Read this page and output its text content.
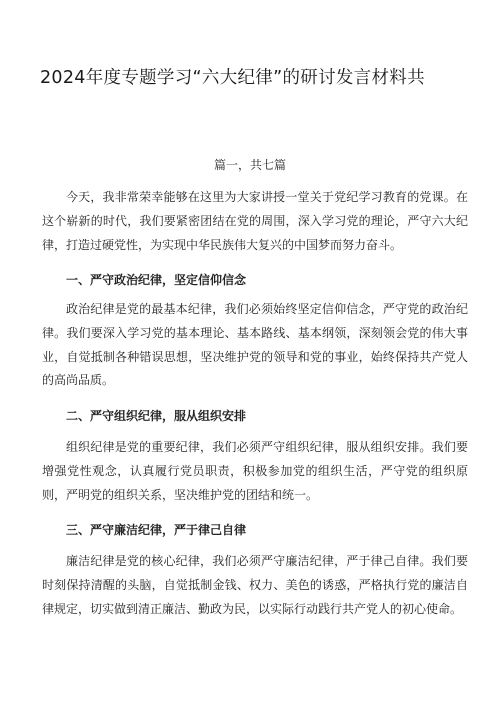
2024年度专题学习“六大纪律”的研讨发言材料共
篇一，共七篇

今天，我非常荣幸能够在这里为大家讲授一堂关于党纪学习教育的党课。在这个崭新的时代，我们要紧密团结在党的周围，深入学习党的理论，严守六大纪律，打造过硬党性，为实现中华民族伟大复兴的中国梦而努力奋斗。

一、严守政治纪律，坚定信仰信念

政治纪律是党的最基本纪律，我们必须始终坚定信仰信念，严守党的政治纪律。我们要深入学习党的基本理论、基本路线、基本纲领，深刻领会党的伟大事业，自觉抵制各种错误思想，坚决维护党的领导和党的事业，始终保持共产党人的高尚品质。

二、严守组织纪律，服从组织安排

组织纪律是党的重要纪律，我们必须严守组织纪律，服从组织安排。我们要增强党性观念，认真履行党员职责，积极参加党的组织生活，严守党的组织原则，严明党的组织关系，坚决维护党的团结和统一。

三、严守廉洁纪律，严于律己自律

廉洁纪律是党的核心纪律，我们必须严守廉洁纪律，严于律己自律。我们要时刻保持清醒的头脑，自觉抵制金钱、权力、美色的诱惑，严格执行党的廉洁自律规定，切实做到清正廉洁、勤政为民，以实际行动践行共产党人的初心使命。
